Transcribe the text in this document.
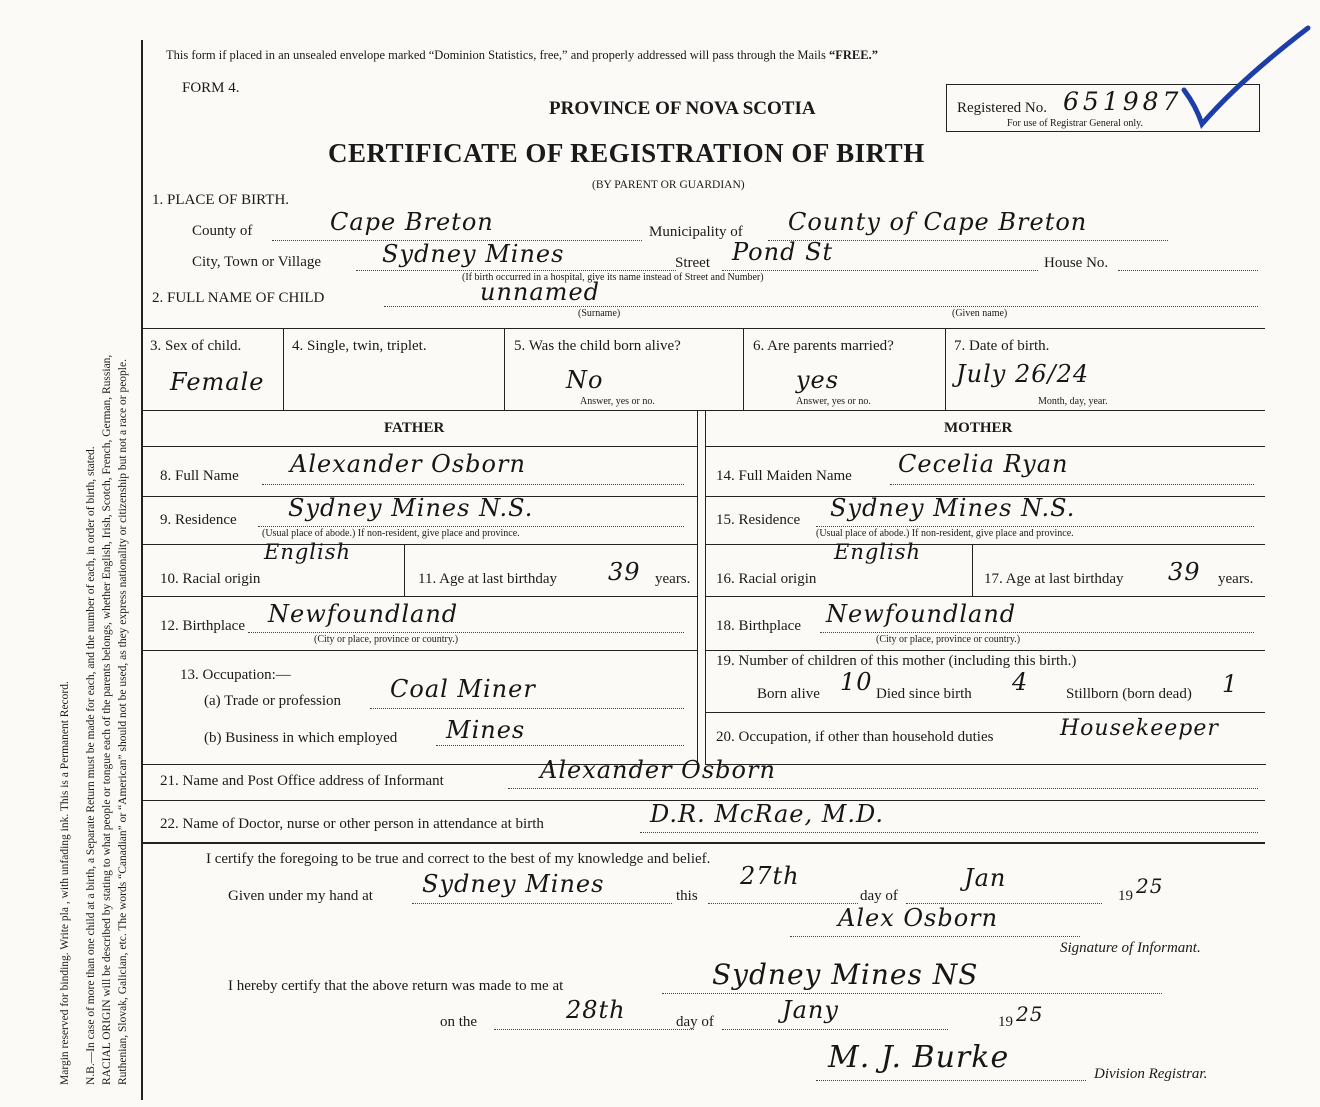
Margin reserved for binding. Write pla , with unfading ink. This is a Permanent Record. N.B.—In case of more than one child at a birth, a Separate Return must be made for each, and the number of each, in order of birth, stated. RACIAL ORIGIN will be described by stating to what people or tongue each of the parents belongs, whether English, Irish, Scotch, French, German, Russian, Ruthenian, Slovak, Galician, etc. The words “Canadian” or “American” should not be used, as they express nationality or citizenship but not a race or people.
This form if placed in an unsealed envelope marked “Dominion Statistics, free,” and properly addressed will pass through the Mails “FREE.”
FORM 4.
PROVINCE OF NOVA SCOTIA	Registered No. 651987
For use of Registrar General only.
CERTIFICATE OF REGISTRATION OF BIRTH
(BY PARENT OR GUARDIAN)
1. PLACE OF BIRTH.
County of	Cape Breton	Municipality of County of Cape Breton
City, Town or Village	Sydney Mines	Street Pond St	House No.
(If birth occurred in a hospital, give its name instead of Street and Number)
2. FULL NAME OF CHILD	unnamed
(Surname)	(Given name)
3. Sex of child.
Female
4. Single, twin, triplet.	5. Was the child born alive?
No
Answer, yes or no.
6. Are parents married?
yes
Answer, yes or no.
7. Date of birth.
July 26/24
Month, day, year.
FATHER	MOTHER
8. Full Name Alexander Osborn
9. Residence Sydney Mines N.S.
(Usual place of abode.) If non-resident, give place and province.
10. Racial origin
English
11. Age at last birthday 39 years.
12. Birthplace Newfoundland
(City or place, province or country.)
13. Occupation:—
(a) Trade or profession Coal Miner
(b) Business in which employed Mines
14. Full Maiden Name Cecelia Ryan
15. Residence Sydney Mines N.S.
(Usual place of abode.) If non-resident, give place and province.
16. Racial origin
English
17. Age at last birthday 39 years.
18. Birthplace Newfoundland
(City or place, province or country.)
19. Number of children of this mother (including this birth.)
Born alive 10 Died since birth 4	Stillborn (born dead) 1
20. Occupation, if other than household duties	Housekeeper
21. Name and Post Office address of Informant	Alexander Osborn
22. Name of Doctor, nurse or other person in attendance at birth	D.R. McRae, M.D.
I certify the foregoing to be true and correct to the best of my knowledge and belief.
Given under my hand at Sydney Mines	this
27th
day of
Jan
19 25
Alex Osborn
Signature of Informant.
I hereby certify that the above return was made to me at	Sydney Mines NS
on the	28th	day of	Jany	19 25
M. J. Burke	Division Registrar.
